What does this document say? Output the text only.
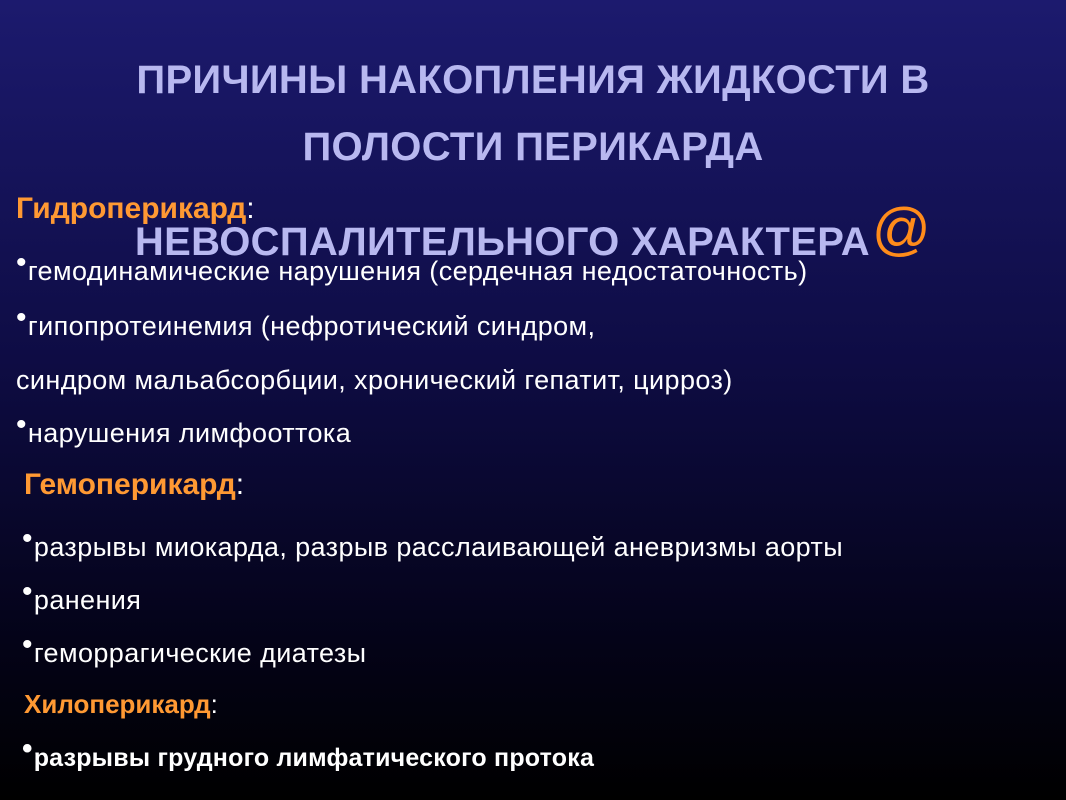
ПРИЧИНЫ НАКОПЛЕНИЯ ЖИДКОСТИ В
ПОЛОСТИ ПЕРИКАРДА
НЕВОСПАЛИТЕЛЬНОГО ХАРАКТЕРА@
Гидроперикард:
•гемодинамические нарушения (сердечная недостаточность)
•гипопротеинемия (нефротический синдром,
синдром мальабсорбции, хронический гепатит, цирроз)
•нарушения лимфооттока
Гемоперикард:
•разрывы миокарда, разрыв расслаивающей аневризмы аорты
•ранения
•геморрагические диатезы
Хилоперикард:
•разрывы грудного лимфатического протока
